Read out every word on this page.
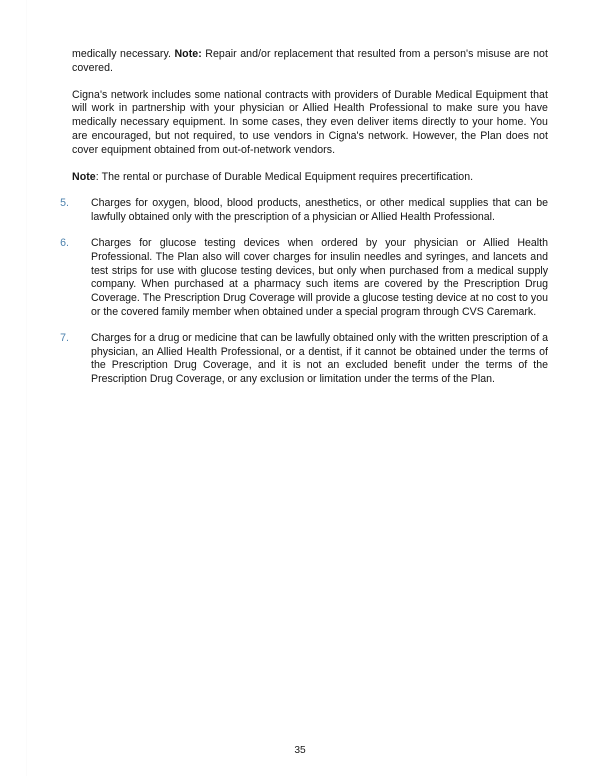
medically necessary. Note: Repair and/or replacement that resulted from a person's misuse are not covered.

Cigna's network includes some national contracts with providers of Durable Medical Equipment that will work in partnership with your physician or Allied Health Professional to make sure you have medically necessary equipment. In some cases, they even deliver items directly to your home. You are encouraged, but not required, to use vendors in Cigna's network. However, the Plan does not cover equipment obtained from out-of-network vendors.

Note: The rental or purchase of Durable Medical Equipment requires precertification.

5. Charges for oxygen, blood, blood products, anesthetics, or other medical supplies that can be lawfully obtained only with the prescription of a physician or Allied Health Professional.
6. Charges for glucose testing devices when ordered by your physician or Allied Health Professional. The Plan also will cover charges for insulin needles and syringes, and lancets and test strips for use with glucose testing devices, but only when purchased from a medical supply company. When purchased at a pharmacy such items are covered by the Prescription Drug Coverage. The Prescription Drug Coverage will provide a glucose testing device at no cost to you or the covered family member when obtained under a special program through CVS Caremark.
7. Charges for a drug or medicine that can be lawfully obtained only with the written prescription of a physician, an Allied Health Professional, or a dentist, if it cannot be obtained under the terms of the Prescription Drug Coverage, and it is not an excluded benefit under the terms of the Prescription Drug Coverage, or any exclusion or limitation under the terms of the Plan.
35
